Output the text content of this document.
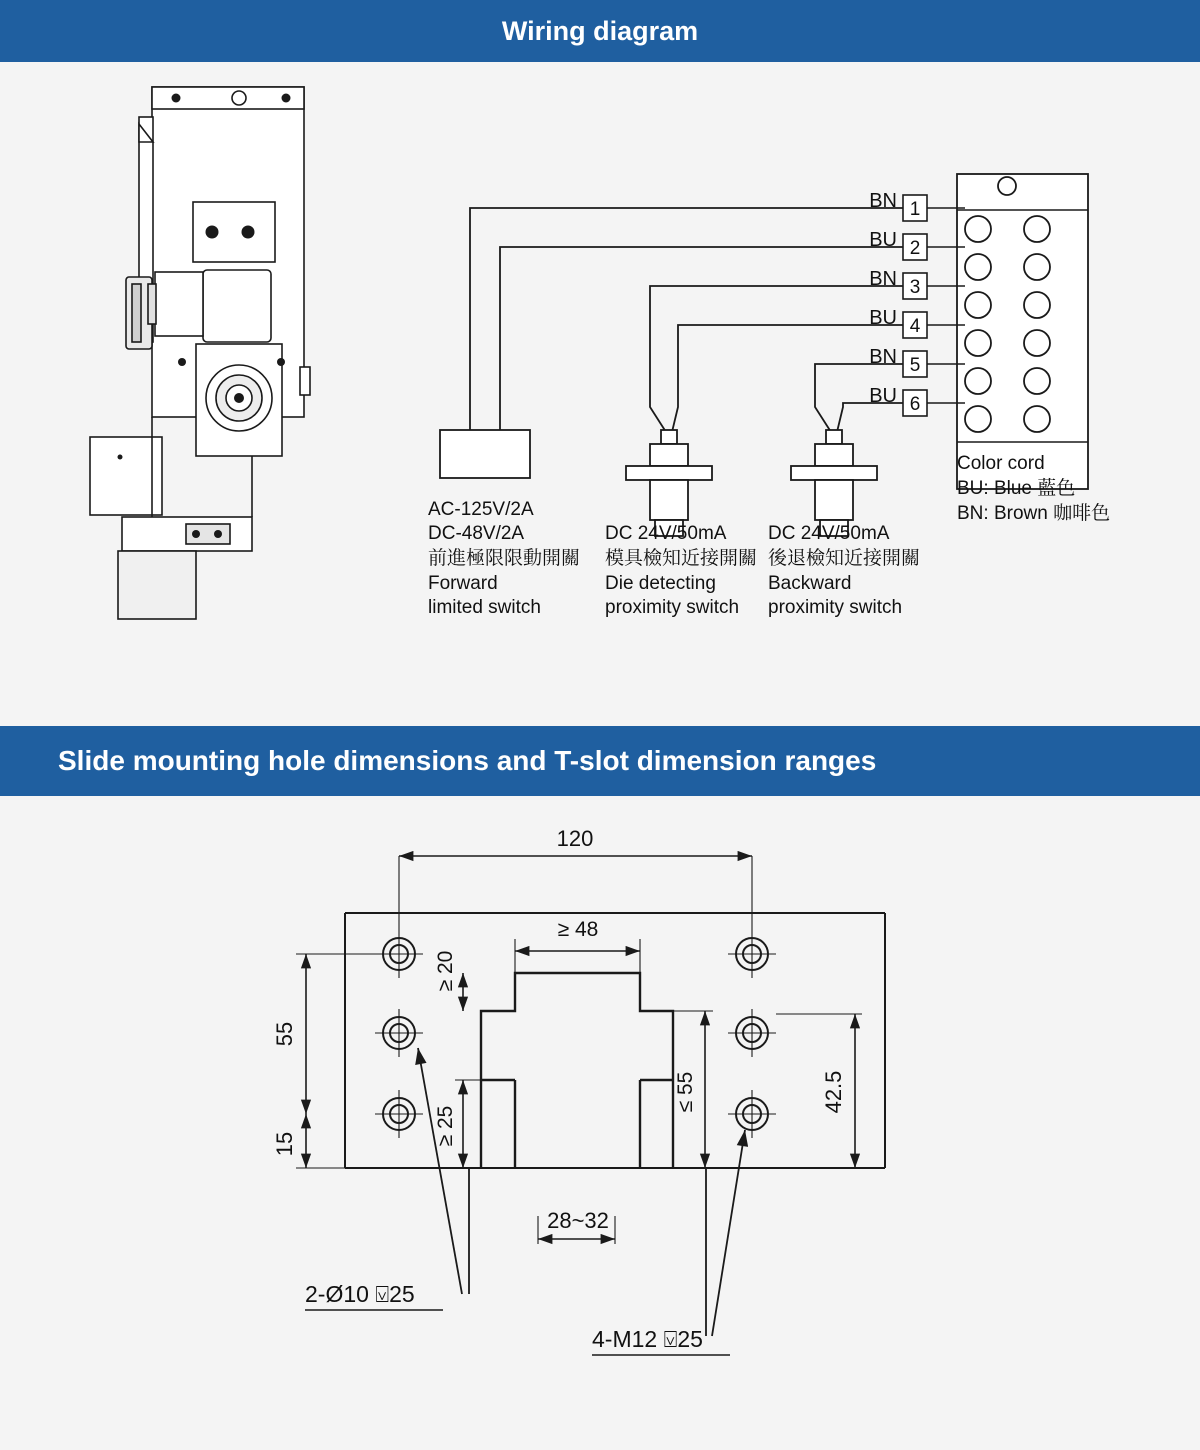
Wiring diagram
1
BN
2
BU
3
BN
4
BU
5
BN
6
BU
Color cord
BU: Blue 藍色
BN: Brown 咖啡色
AC-125V/2A
DC-48V/2A
前進極限限動開關
Forward
limited switch
DC 24V/50mA
模具檢知近接開關
Die detecting
proximity switch
DC 24V/50mA
後退檢知近接開關
Backward
proximity switch
Slide mounting hole dimensions and T-slot dimension ranges
120
55
15
≥ 20
≥ 25
≥ 48
≤ 55	42.5
28~32
2-Ø10 ⍌25
4-M12 ⍌25
